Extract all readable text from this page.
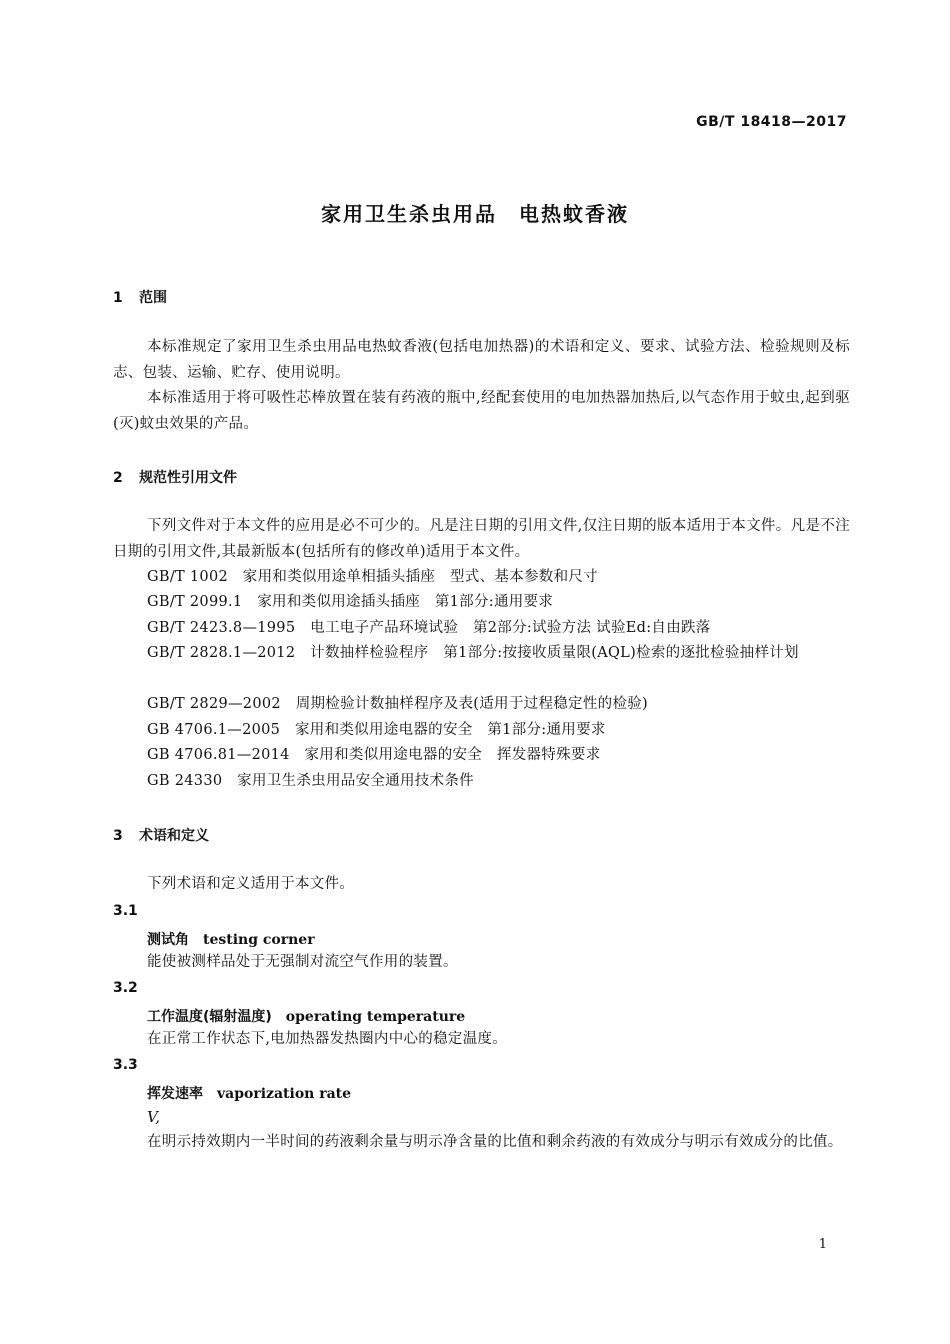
GB/T 18418—2017
家用卫生杀虫用品　电热蚊香液
1 范围
本标准规定了家用卫生杀虫用品电热蚊香液(包括电加热器)的术语和定义、要求、试验方法、检验规则及标志、包装、运输、贮存、使用说明。
本标准适用于将可吸性芯棒放置在装有药液的瓶中,经配套使用的电加热器加热后,以气态作用于蚊虫,起到驱(灭)蚊虫效果的产品。
2 规范性引用文件
下列文件对于本文件的应用是必不可少的。凡是注日期的引用文件,仅注日期的版本适用于本文件。凡是不注日期的引用文件,其最新版本(包括所有的修改单)适用于本文件。
GB/T 1002　家用和类似用途单相插头插座　型式、基本参数和尺寸
GB/T 2099.1　家用和类似用途插头插座　第1部分:通用要求
GB/T 2423.8—1995　电工电子产品环境试验　第2部分:试验方法 试验Ed:自由跌落
GB/T 2828.1—2012　计数抽样检验程序　第1部分:按接收质量限(AQL)检索的逐批检验抽样计划
GB/T 2829—2002　周期检验计数抽样程序及表(适用于过程稳定性的检验)
GB 4706.1—2005　家用和类似用途电器的安全　第1部分:通用要求
GB 4706.81—2014　家用和类似用途电器的安全　挥发器特殊要求
GB 24330　家用卫生杀虫用品安全通用技术条件
3 术语和定义
下列术语和定义适用于本文件。
3.1
测试角　 testing corner
能使被测样品处于无强制对流空气作用的装置。
3.2
工作温度(辐射温度)　 operating temperature
在正常工作状态下,电加热器发热圈内中心的稳定温度。
3.3
挥发速率　 vaporization rate
V,
在明示持效期内一半时间的药液剩余量与明示净含量的比值和剩余药液的有效成分与明示有效成分的比值。
1
